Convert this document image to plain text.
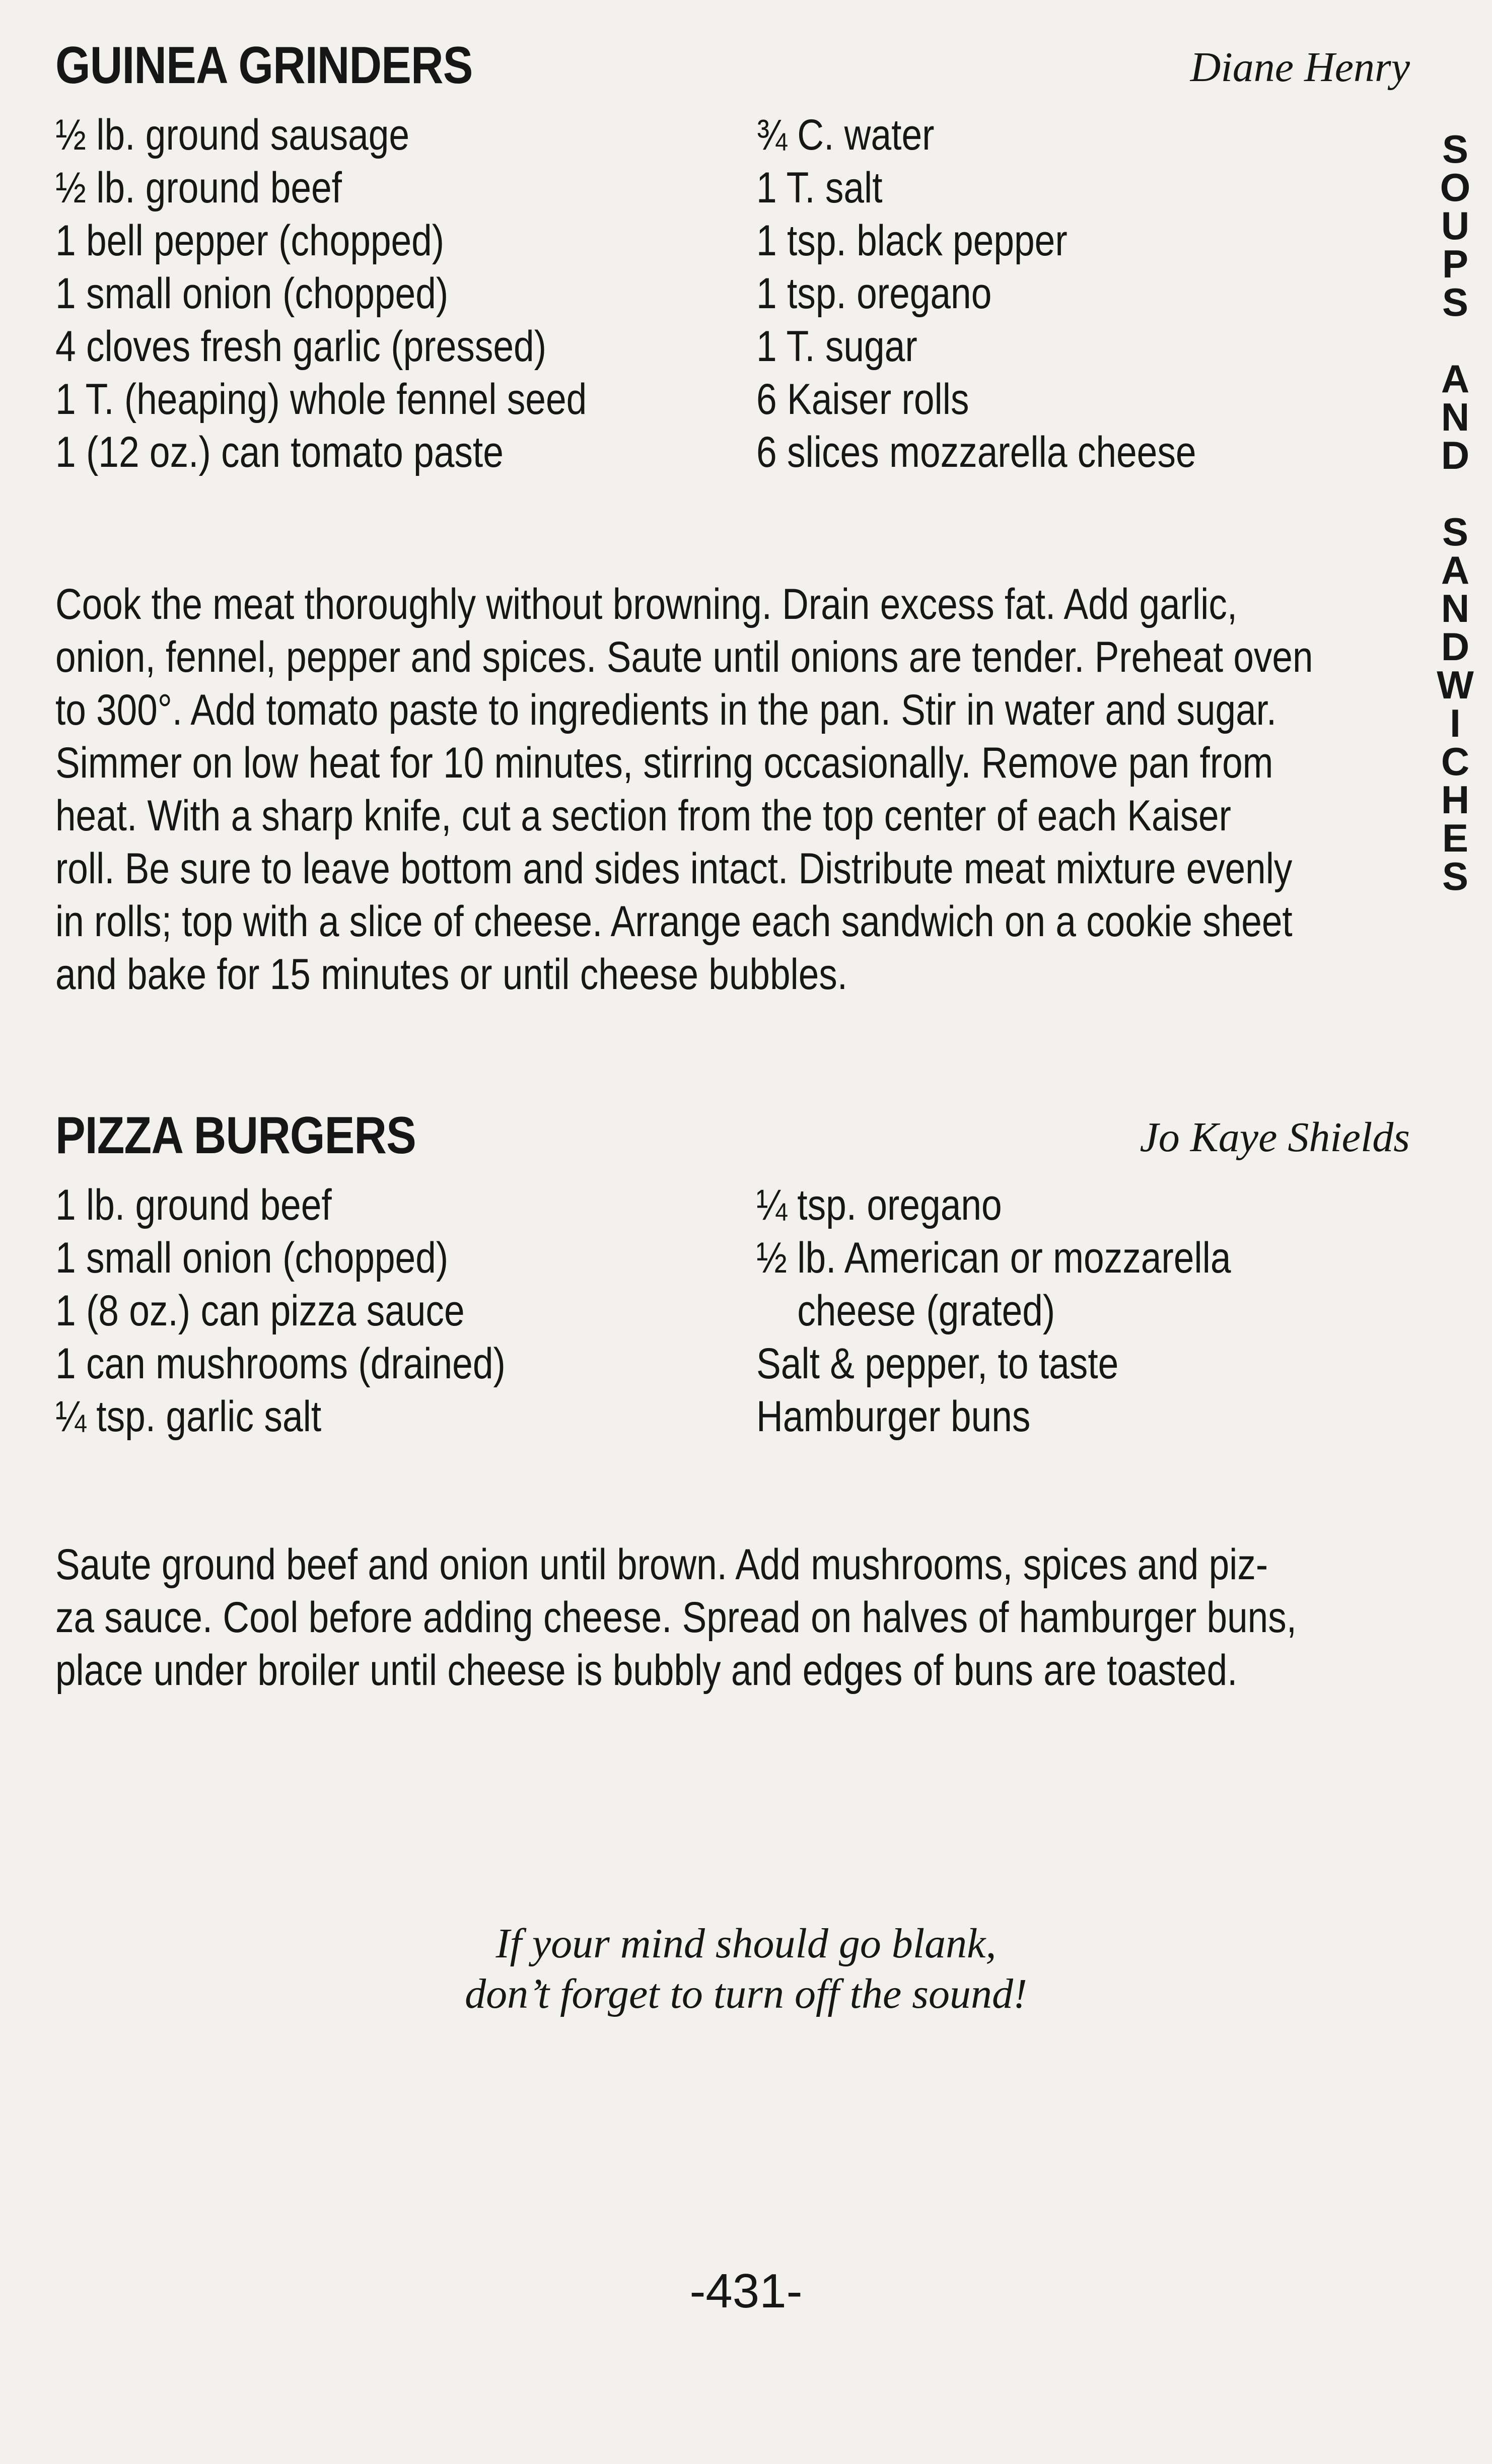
GUINEA GRINDERS	Diane Henry
½ lb. ground sausage
½ lb. ground beef
1 bell pepper (chopped)
1 small onion (chopped)
4 cloves fresh garlic (pressed)
1 T. (heaping) whole fennel seed
1 (12 oz.) can tomato paste
¾ C. water
1 T. salt
1 tsp. black pepper
1 tsp. oregano
1 T. sugar
6 Kaiser rolls
6 slices mozzarella cheese

Cook the meat thoroughly without browning. Drain excess fat. Add garlic,
onion, fennel, pepper and spices. Saute until onions are tender. Preheat oven
to 300°. Add tomato paste to ingredients in the pan. Stir in water and sugar.
Simmer on low heat for 10 minutes, stirring occasionally. Remove pan from
heat. With a sharp knife, cut a section from the top center of each Kaiser
roll. Be sure to leave bottom and sides intact. Distribute meat mixture evenly
in rolls; top with a slice of cheese. Arrange each sandwich on a cookie sheet
and bake for 15 minutes or until cheese bubbles.

PIZZA BURGERS	Jo Kaye Shields
1 lb. ground beef
1 small onion (chopped)
1 (8 oz.) can pizza sauce
1 can mushrooms (drained)
¼ tsp. garlic salt
¼ tsp. oregano
½ lb. American or mozzarella
cheese (grated)
Salt & pepper, to taste
Hamburger buns

Saute ground beef and onion until brown. Add mushrooms, spices and piz-
za sauce. Cool before adding cheese. Spread on halves of hamburger buns,
place under broiler until cheese is bubbly and edges of buns are toasted.

If your mind should go blank,
don’t forget to turn off the sound!
-431-
S
O
U
P
S
A
N
D
S
A
N
D
W
I
C
H
E
S
